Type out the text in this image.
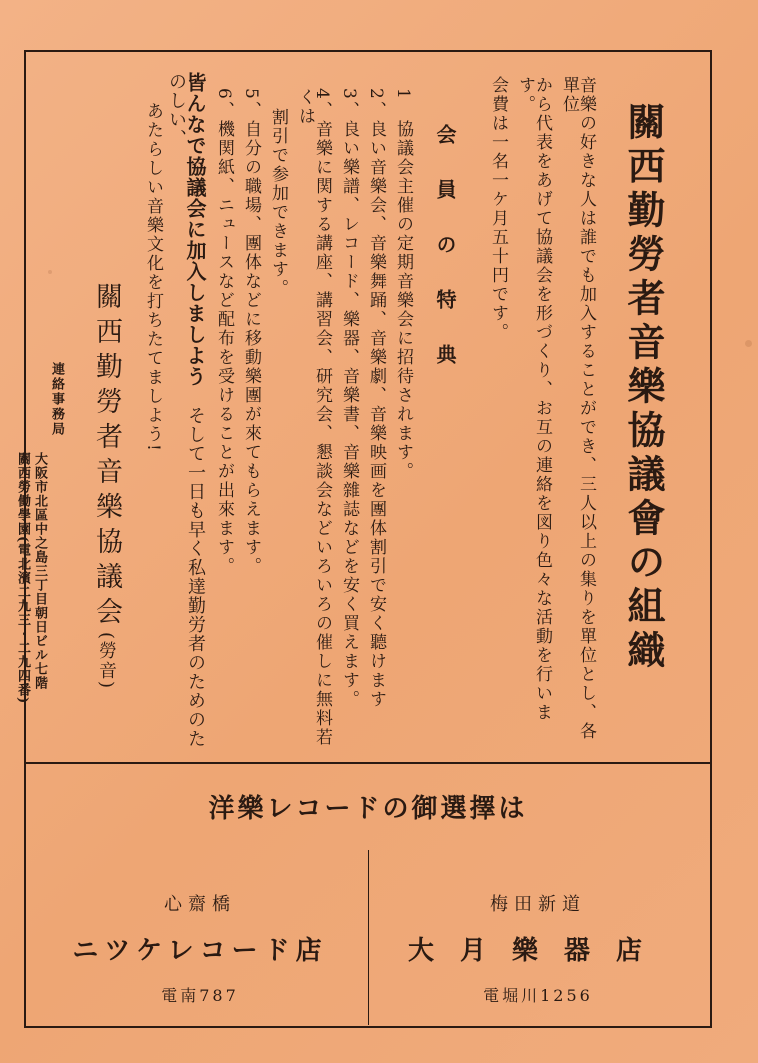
關西勤勞者音樂協議會の組織
音樂の好きな人は誰でも加入することができ、三人以上の集りを單位とし、各單位
から代表をあげて協議会を形づくり、お互の連絡を図り色々な活動を行います。
会費は一名一ケ月五十円です。
会 員 の 特 典
1　協議会主催の定期音樂会に招待されます。
2、良い音樂会、音樂舞踊、音樂劇、音樂映画を團体割引で安く聽けます
3、良い樂譜、レコード、樂器、音樂書、音樂雜誌などを安く買えます。
4、音樂に関する講座、講習会、研究会、懇談会などいろいろの催しに無料若くは
割引で参加できます。
5、自分の職場、團体などに移動樂團が來てもらえます。
6、機関紙、ニュースなど配布を受けることが出來ます。
皆んなで協議会に加入しましよう　そして一日も早く私達勤労者のためのたのしい、
あたらしい音樂文化を打ちたてましよう!
關西勤勞者音樂協議会(勞音)
連絡事務局
大阪市北區中之島三丁目朝日ビル七階
關西勞働學園(電北濱二九三・二九四番)
洋樂レコードの御選擇は
心齋橋
ニツケレコード店
電南787
梅田新道
大月樂器店
電堀川1256
